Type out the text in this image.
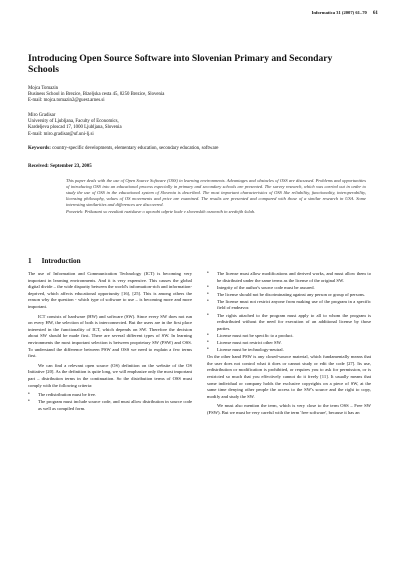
Informatica 31 (2007) 61–70 61
Introducing Open Source Software into Slovenian Primary and Secondary Schools
Mojca Tomazin
Business School in Brezice, Bizeljska cesta 45, 8250 Brezice, Slovenia
E-mail: mojca.tomazin2@guest.arnes.si
Miro Gradisar
University of Ljubljana, Faculty of Economics,
Kardeljeva ploscad 17, 1000 Ljubljana, Slovenia
E-mail: miro.gradisar@uf.uni-lj.si
Keywords: country-specific developments, elementary education, secondary education, software
Received: September 23, 2005

This paper deals with the use of Open Source Software (OSS) in learning environments. Advantages and obstacles of OSS are discussed. Problems and opportunities of introducing OSS into an educational process especially in primary and secondary schools are presented. The survey research, which was carried out in order to study the use of OSS in the educational system of Slovenia is described. The most important characteristics of OSS like reliability, functionality, interoperability, licensing philosophy, values of OS movements and price are examined. The results are presented and compared with those of a similar research in USA. Some interesting similarities and differences are discovered.

Povzetek: Prikazani so rezultati raziskave o uporabi odprte kode v slovenskih osnovnih in srednjih šolah.

1 Introduction

The use of Information and Communication Technology (ICT) is becoming very important in learning environments. And it is very expensive. This causes the global digital divide – the wide disparity between the world's information-rich and information-deprived, which affects educational opportunity [16], [25]. This is among others the reason why the question - which type of software to use – is becoming more and more important.

ICT consists of hardware (HW) and software (SW). Since every SW does not run on every HW, the selection of both is interconnected. But the users are in the first place interested in the functionality of ICT, which depends on SW. Therefore the decision about SW should be made first. There are several different types of SW. In learning environments the most important selection is between proprietary SW (PSW) and OSS. To understand the difference between PSW and OSS we need to explain a few terms first.

We can find a relevant open source (OS) definition on the website of the OS Initiative [20]. As the definition is quite long, we will emphasize only the most important part – distribution terms in the continuation. So the distribution terms of OSS must comply with the following criteria:

• The redistribution must be free.
• The program must include source code, and must allow distribution in source code as well as compiled form.
• The license must allow modifications and derived works, and must allow them to be distributed under the same terms as the license of the original SW.
• Integrity of the author's source code must be assured.
• The license should not be discriminating against any person or group of persons.
• The license must not restrict anyone from making use of the program in a specific field of endeavor.
• The rights attached to the program must apply to all to whom the program is redistributed without the need for execution of an additional license by those parties.
• License must not be specific to a product.
• License must not restrict other SW.
• License must be technology-neutral.

On the other hand PSW is any closed-source material, which fundamentally means that the user does not control what it does or cannot study or edit the code [27]. Its use, redistribution or modification is prohibited, or requires you to ask for permission, or is restricted so much that you effectively cannot do it freely [11]. It usually means that some individual or company holds the exclusive copyrights on a piece of SW, at the same time denying other people the access to the SW's source and the right to copy, modify and study the SW.

We must also mention the term, which is very close to the term OSS – Free SW (FSW). But we must be very careful with the term 'free software', because it has an
